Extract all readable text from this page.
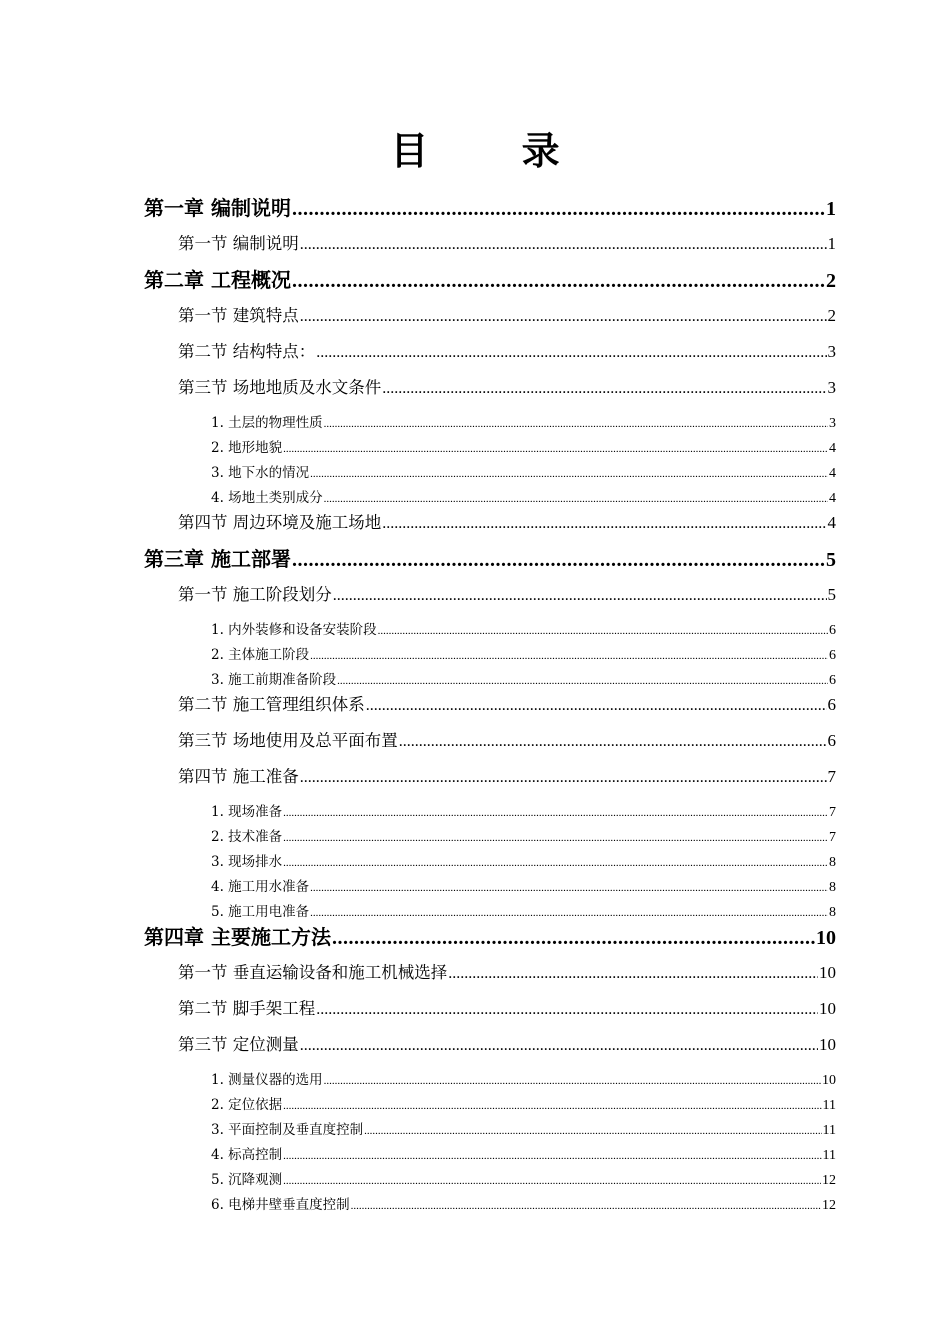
目 录
第一章 编制说明 .....	1
第一节 编制说明 .....	1
第二章 工程概况 .....	2
第一节 建筑特点 .....	2
第二节 结构特点： .....	3
第三节 场地地质及水文条件 .....	3
1. 土层的物理性质 .....	3
2. 地形地貌 .....	4
3. 地下水的情况 .....	4
4. 场地土类别成分 .....	4
第四节 周边环境及施工场地 .....	4
第三章 施工部署 .....	5
第一节 施工阶段划分 .....	5
1. 内外装修和设备安装阶段 .....	6
2. 主体施工阶段 .....	6
3. 施工前期准备阶段 .....	6
第二节 施工管理组织体系 .....	6
第三节 场地使用及总平面布置 .....	6
第四节 施工准备 .....	7
1. 现场准备 .....	7
2. 技术准备 .....	7
3. 现场排水 .....	8
4. 施工用水准备 .....	8
5. 施工用电准备 .....	8
第四章 主要施工方法 .....	10
第一节 垂直运输设备和施工机械选择 .....	10
第二节 脚手架工程 .....	10
第三节 定位测量 .....	10
1. 测量仪器的选用 .....	10
2. 定位依据 .....	11
3. 平面控制及垂直度控制 .....	11
4. 标高控制 .....	11
5. 沉降观测 .....	12
6. 电梯井壁垂直度控制 .....	12
